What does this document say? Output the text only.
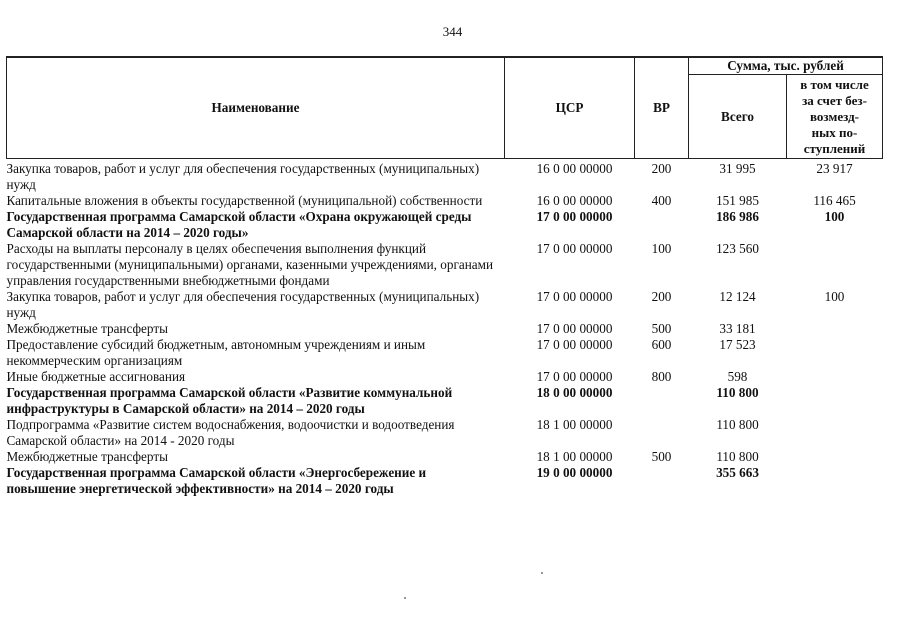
344
Наименование	ЦСР	ВР	Сумма, тыс. рублей	
			Всего	в том числе
за счет без-
возмезд-
ных по-
ступлений
Закупка товаров, работ и услуг для обеспечения государственных (муниципальных) нужд	16 0 00 00000	200	31 995	23 917
Капитальные вложения в объекты государственной (муниципальной) собственности	16 0 00 00000	400	151 985	116 465
Государственная программа Самарской области «Охрана окружающей среды Самарской области на 2014 – 2020 годы»	17 0 00 00000		186 986	100
Расходы на выплаты персоналу в целях обеспечения выполнения функций государственными (муниципальными) органами, казенными учреждениями, органами управления государственными внебюджетными фондами	17 0 00 00000	100	123 560	
Закупка товаров, работ и услуг для обеспечения государственных (муниципальных) нужд	17 0 00 00000	200	12 124	100
Межбюджетные трансферты	17 0 00 00000	500	33 181	
Предоставление субсидий бюджетным, автономным учреждениям и иным некоммерческим организациям	17 0 00 00000	600	17 523	
Иные бюджетные ассигнования	17 0 00 00000	800	598	
Государственная программа Самарской области «Развитие коммунальной инфраструктуры в Самарской области» на 2014 – 2020 годы	18 0 00 00000		110 800	
Подпрограмма «Развитие систем водоснабжения, водоочистки и водоотведения Самарской области» на 2014 - 2020 годы	18 1 00 00000		110 800	
Межбюджетные трансферты	18 1 00 00000	500	110 800	
Государственная программа Самарской области «Энергосбережение и повышение энергетической эффективности» на 2014 – 2020 годы	19 0 00 00000		355 663	
